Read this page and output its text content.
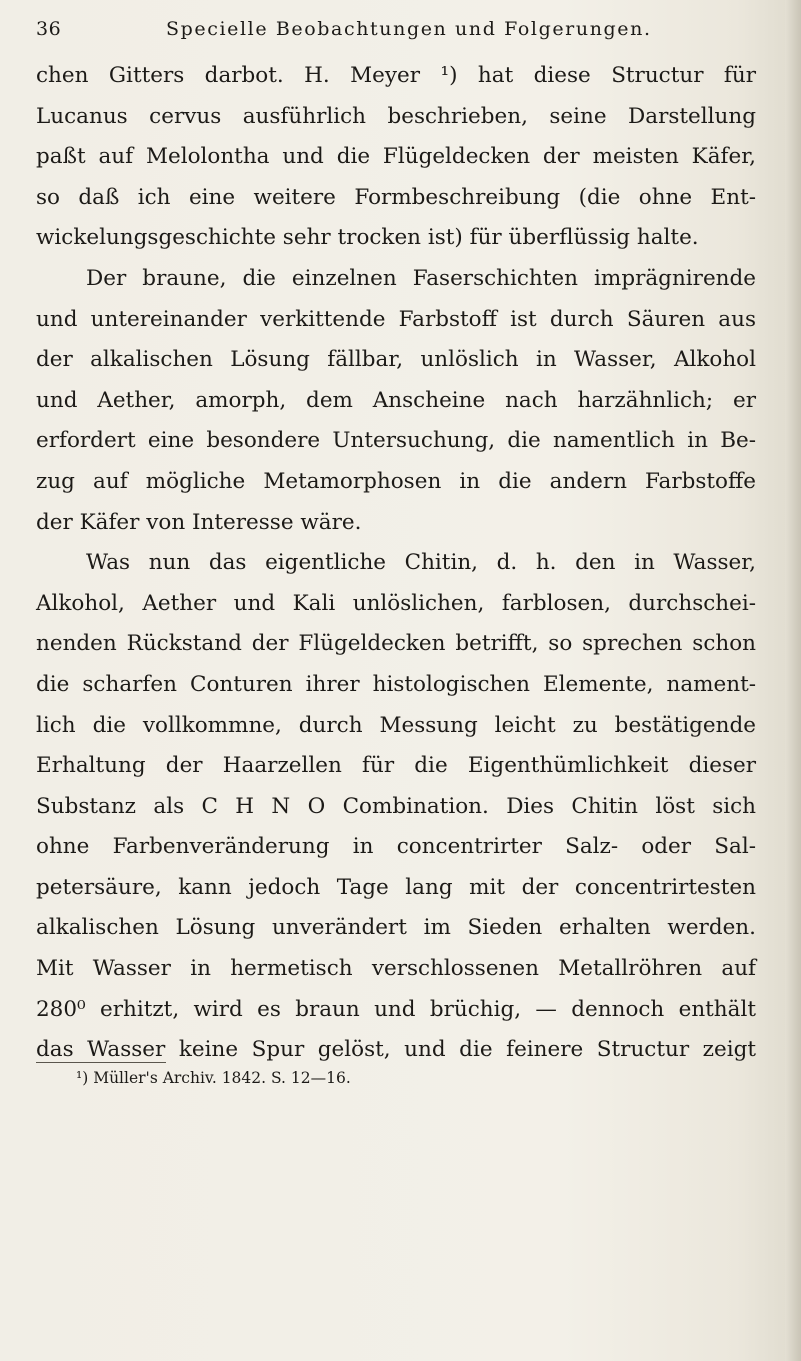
36	Specielle Beobachtungen und Folgerungen.
chen Gitters darbot. H. Meyer ¹) hat diese Structur für
Lucanus cervus ausführlich beschrieben, seine Darstellung
paßt auf Melolontha und die Flügeldecken der meisten Käfer,
so daß ich eine weitere Formbeschreibung (die ohne Ent-
wickelungsgeschichte sehr trocken ist) für überflüssig halte.
Der braune, die einzelnen Faserschichten imprägnirende
und untereinander verkittende Farbstoff ist durch Säuren aus
der alkalischen Lösung fällbar, unlöslich in Wasser, Alkohol
und Aether, amorph, dem Anscheine nach harzähnlich; er
erfordert eine besondere Untersuchung, die namentlich in Be-
zug auf mögliche Metamorphosen in die andern Farbstoffe
der Käfer von Interesse wäre.
Was nun das eigentliche Chitin, d. h. den in Wasser,
Alkohol, Aether und Kali unlöslichen, farblosen, durchschei-
nenden Rückstand der Flügeldecken betrifft, so sprechen schon
die scharfen Conturen ihrer histologischen Elemente, nament-
lich die vollkommne, durch Messung leicht zu bestätigende
Erhaltung der Haarzellen für die Eigenthümlichkeit dieser
Substanz als C H N O Combination. Dies Chitin löst sich
ohne Farbenveränderung in concentrirter Salz- oder Sal-
petersäure, kann jedoch Tage lang mit der concentrirtesten
alkalischen Lösung unverändert im Sieden erhalten werden.
Mit Wasser in hermetisch verschlossenen Metallröhren auf
280⁰ erhitzt, wird es braun und brüchig, — dennoch enthält
das Wasser keine Spur gelöst, und die feinere Structur zeigt
¹) Müller's Archiv. 1842. S. 12—16.
